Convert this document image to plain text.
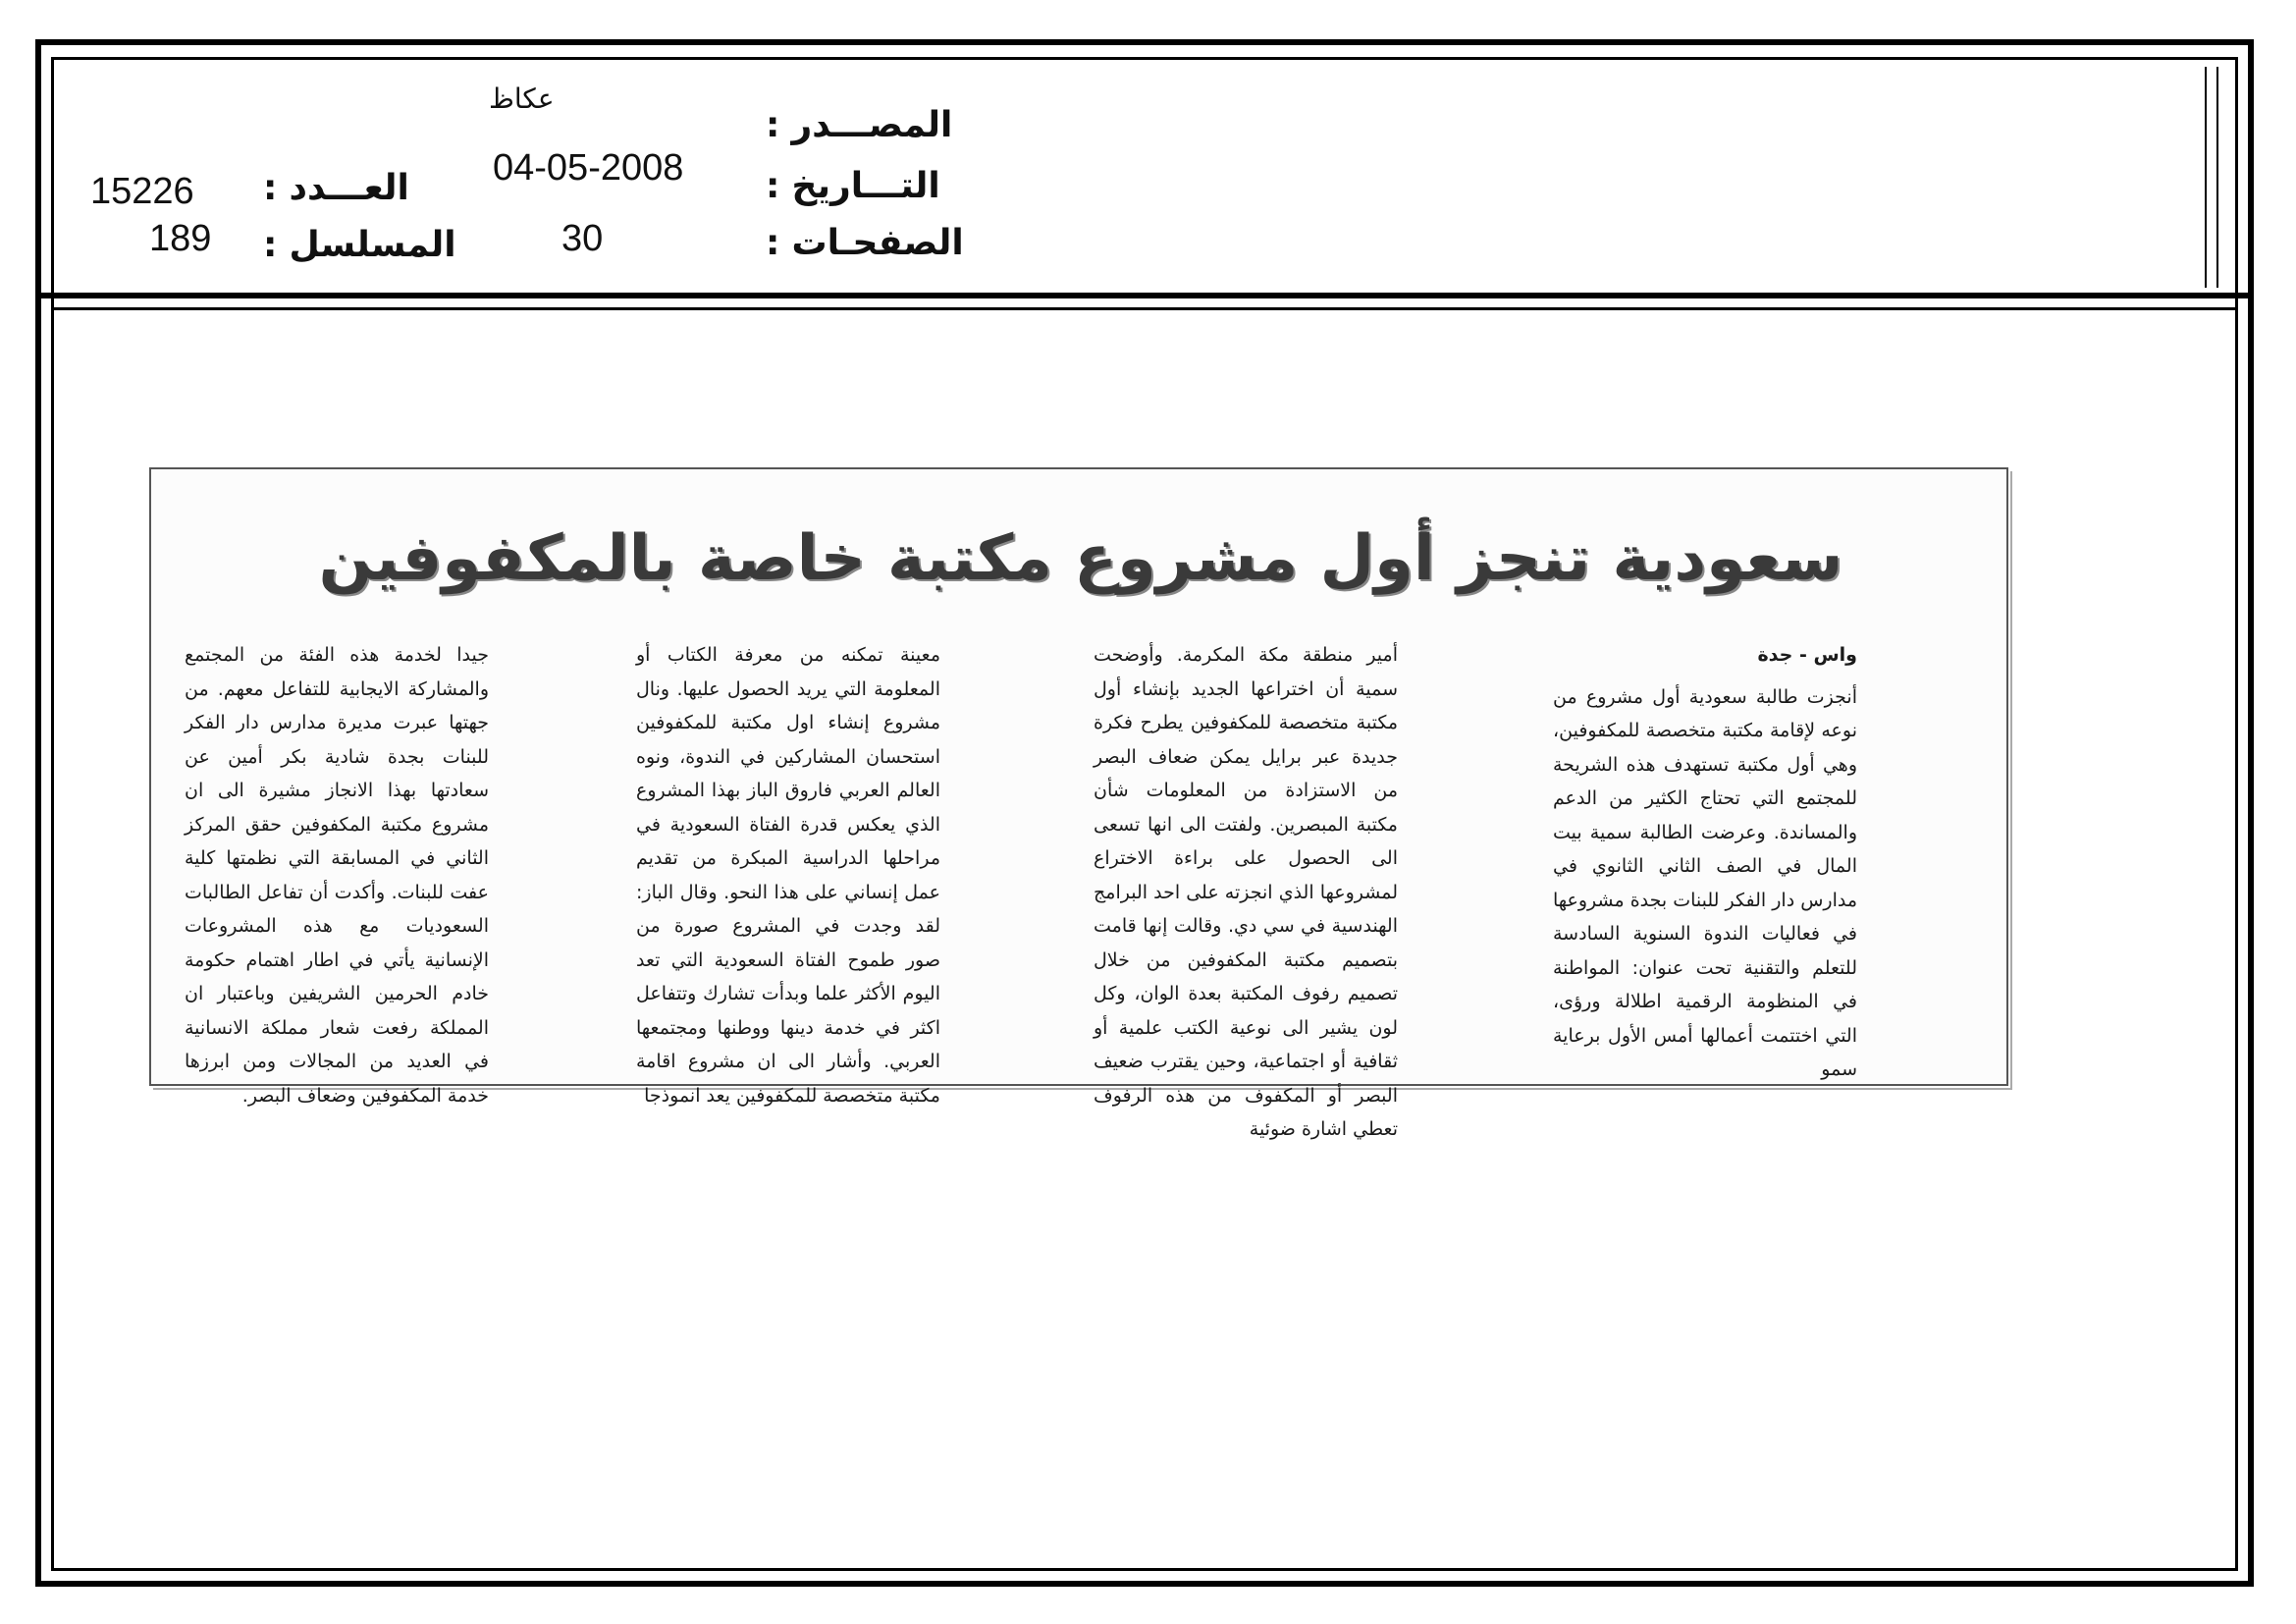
المصـــدر :
عكاظ
التـــاريخ :
04-05-2008
الصفحـات :
30
العـــدد :
15226
المسلسل :
189
سعودية تنجز أول مشروع مكتبة خاصة بالمكفوفين

واس - جدة

أنجزت طالبة سعودية أول مشروع من نوعه لإقامة مكتبة متخصصة للمكفوفين، وهي أول مكتبة تستهدف هذه الشريحة للمجتمع التي تحتاج الكثير من الدعم والمساندة. وعرضت الطالبة سمية بيت المال في الصف الثاني الثانوي في مدارس دار الفكر للبنات بجدة مشروعها في فعاليات الندوة السنوية السادسة للتعلم والتقنية تحت عنوان: المواطنة في المنظومة الرقمية اطلالة ورؤى، التي اختتمت أعمالها أمس الأول برعاية سمو

أمير منطقة مكة المكرمة. وأوضحت سمية أن اختراعها الجديد بإنشاء أول مكتبة متخصصة للمكفوفين يطرح فكرة جديدة عبر برايل يمكن ضعاف البصر من الاستزادة من المعلومات شأن مكتبة المبصرين. ولفتت الى انها تسعى الى الحصول على براءة الاختراع لمشروعها الذي انجزته على احد البرامج الهندسية في سي دي. وقالت إنها قامت بتصميم مكتبة المكفوفين من خلال تصميم رفوف المكتبة بعدة الوان، وكل لون يشير الى نوعية الكتب علمية أو ثقافية أو اجتماعية، وحين يقترب ضعيف البصر أو المكفوف من هذه الرفوف تعطي اشارة ضوئية

معينة تمكنه من معرفة الكتاب أو المعلومة التي يريد الحصول عليها. ونال مشروع إنشاء اول مكتبة للمكفوفين استحسان المشاركين في الندوة، ونوه العالم العربي فاروق الباز بهذا المشروع الذي يعكس قدرة الفتاة السعودية في مراحلها الدراسية المبكرة من تقديم عمل إنساني على هذا النحو. وقال الباز: لقد وجدت في المشروع صورة من صور طموح الفتاة السعودية التي تعد اليوم الأكثر علما وبدأت تشارك وتتفاعل اكثر في خدمة دينها ووطنها ومجتمعها العربي. وأشار الى ان مشروع اقامة مكتبة متخصصة للمكفوفين يعد انموذجا

جيدا لخدمة هذه الفئة من المجتمع والمشاركة الايجابية للتفاعل معهم. من جهتها عبرت مديرة مدارس دار الفكر للبنات بجدة شادية بكر أمين عن سعادتها بهذا الانجاز مشيرة الى ان مشروع مكتبة المكفوفين حقق المركز الثاني في المسابقة التي نظمتها كلية عفت للبنات. وأكدت أن تفاعل الطالبات السعوديات مع هذه المشروعات الإنسانية يأتي في اطار اهتمام حكومة خادم الحرمين الشريفين وباعتبار ان المملكة رفعت شعار مملكة الانسانية في العديد من المجالات ومن ابرزها خدمة المكفوفين وضعاف البصر.
